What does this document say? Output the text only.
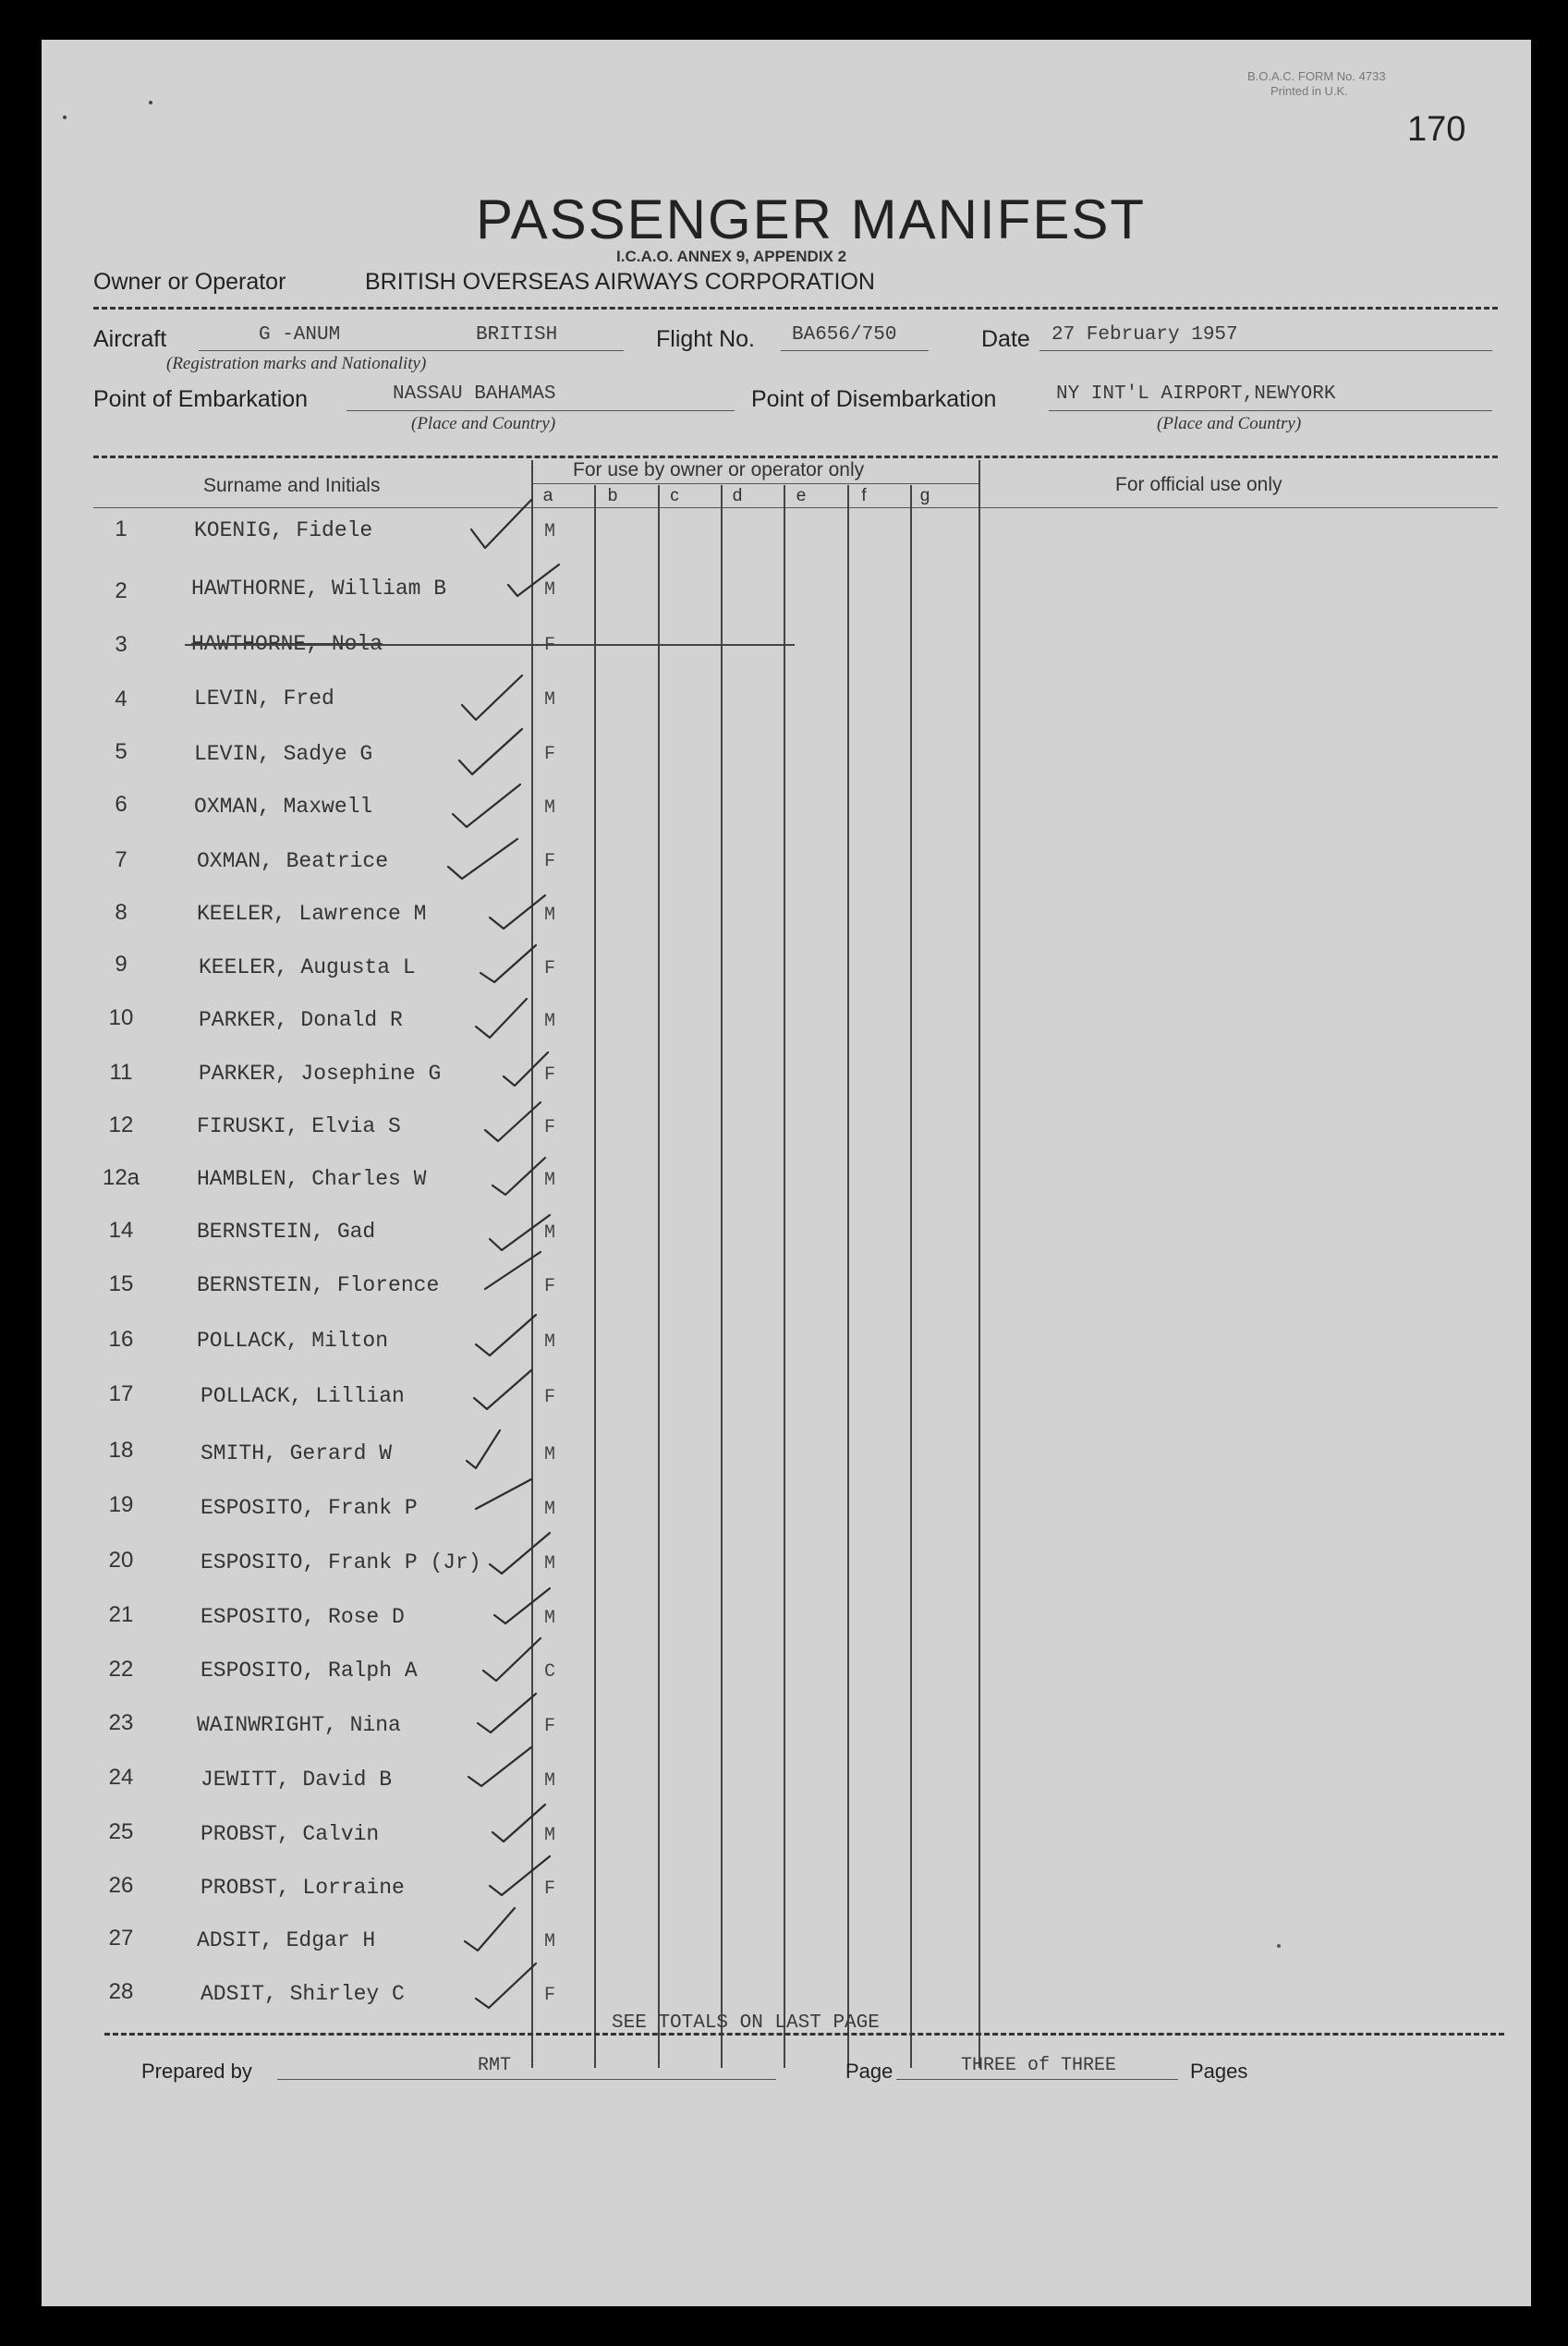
B.O.A.C. FORM No. 4733
Printed in U.K.
170
PASSENGER MANIFEST
I.C.A.O. ANNEX 9, APPENDIX 2
Owner or Operator	BRITISH OVERSEAS AIRWAYS CORPORATION
Aircraft	G -ANUM	BRITISH
(Registration marks and Nationality)
Flight No. BA656/750	Date 27 February 1957
Point of Embarkation	NASSAU BAHAMAS
(Place and Country)
Point of Disembarkation	NY INT'L AIRPORT,NEWYORK
(Place and Country)
Surname and Initials
For use by owner or operator only
For official use only
a	b	c	d	e	f	g
1	KOENIG, Fidele	M
2	HAWTHORNE, William B	M
3	HAWTHORNE, Nola	F
4	LEVIN, Fred	M
5	LEVIN, Sadye G	F
6	OXMAN, Maxwell	M
7	OXMAN, Beatrice	F
8	KEELER, Lawrence M	M
9	KEELER, Augusta L	F
10	PARKER, Donald R	M
11	PARKER, Josephine G	F
12	FIRUSKI, Elvia S	F
12a	HAMBLEN, Charles W	M
14	BERNSTEIN, Gad	M
15	BERNSTEIN, Florence	F
16	POLLACK, Milton	M
17	POLLACK, Lillian	F
18	SMITH, Gerard W	M
19	ESPOSITO, Frank P	M
20	ESPOSITO, Frank P (Jr)	M
21	ESPOSITO, Rose D	M
22	ESPOSITO, Ralph A	C
23	WAINWRIGHT, Nina	F
24	JEWITT, David B	M
25	PROBST, Calvin	M
26	PROBST, Lorraine	F
27	ADSIT, Edgar H	M
28	ADSIT, Shirley C	F
SEE TOTALS ON LAST PAGE
Prepared by	RMT	Page	THREE of THREE	Pages
